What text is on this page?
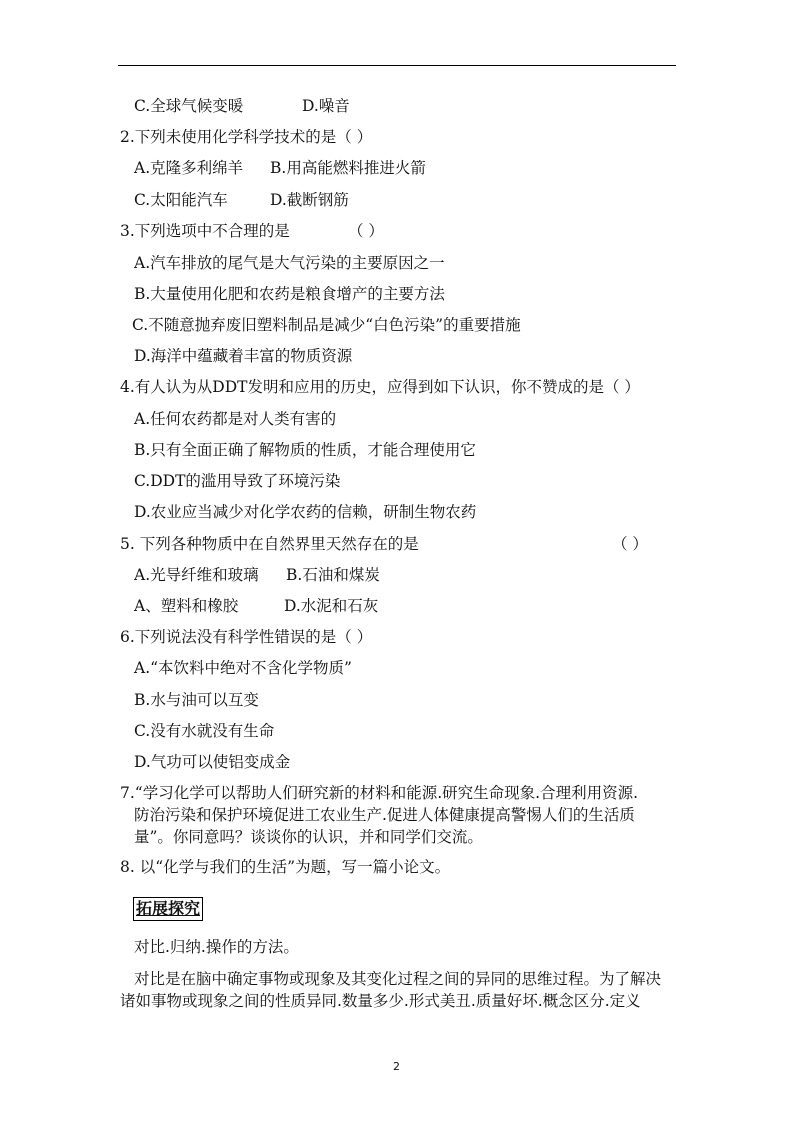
C.全球气候变暖	D.噪音
2.下列未使用化学科学技术的是（ ）
A.克隆多利绵羊 B.用高能燃料推进火箭
C.太阳能汽车	D.截断钢筋
3.下列选项中不合理的是	（ ）
A.汽车排放的尾气是大气污染的主要原因之一
B.大量使用化肥和农药是粮食增产的主要方法
C.不随意抛弃废旧塑料制品是减少“白色污染”的重要措施
D.海洋中蕴藏着丰富的物质资源
4.有人认为从DDT发明和应用的历史，应得到如下认识，你不赞成的是（ ）
A.任何农药都是对人类有害的
B.只有全面正确了解物质的性质，才能合理使用它
C.DDT的滥用导致了环境污染
D.农业应当减少对化学农药的信赖，研制生物农药
5. 下列各种物质中在自然界里天然存在的是	（ ）
A.光导纤维和玻璃 B.石油和煤炭
A、塑料和橡胶	D.水泥和石灰
6.下列说法没有科学性错误的是（ ）
A.“本饮料中绝对不含化学物质”
B.水与油可以互变
C.没有水就没有生命
D.气功可以使铝变成金
7.“学习化学可以帮助人们研究新的材料和能源.研究生命现象.合理利用资源.
防治污染和保护环境促进工农业生产.促进人体健康提高警惕人们的生活质
量”。你同意吗？谈谈你的认识，并和同学们交流。
8. 以“化学与我们的生活”为题，写一篇小论文。
拓展探究
对比.归纳.操作的方法。
对比是在脑中确定事物或现象及其变化过程之间的异同的思维过程。为了解决
诸如事物或现象之间的性质异同.数量多少.形式美丑.质量好坏.概念区分.定义
2
